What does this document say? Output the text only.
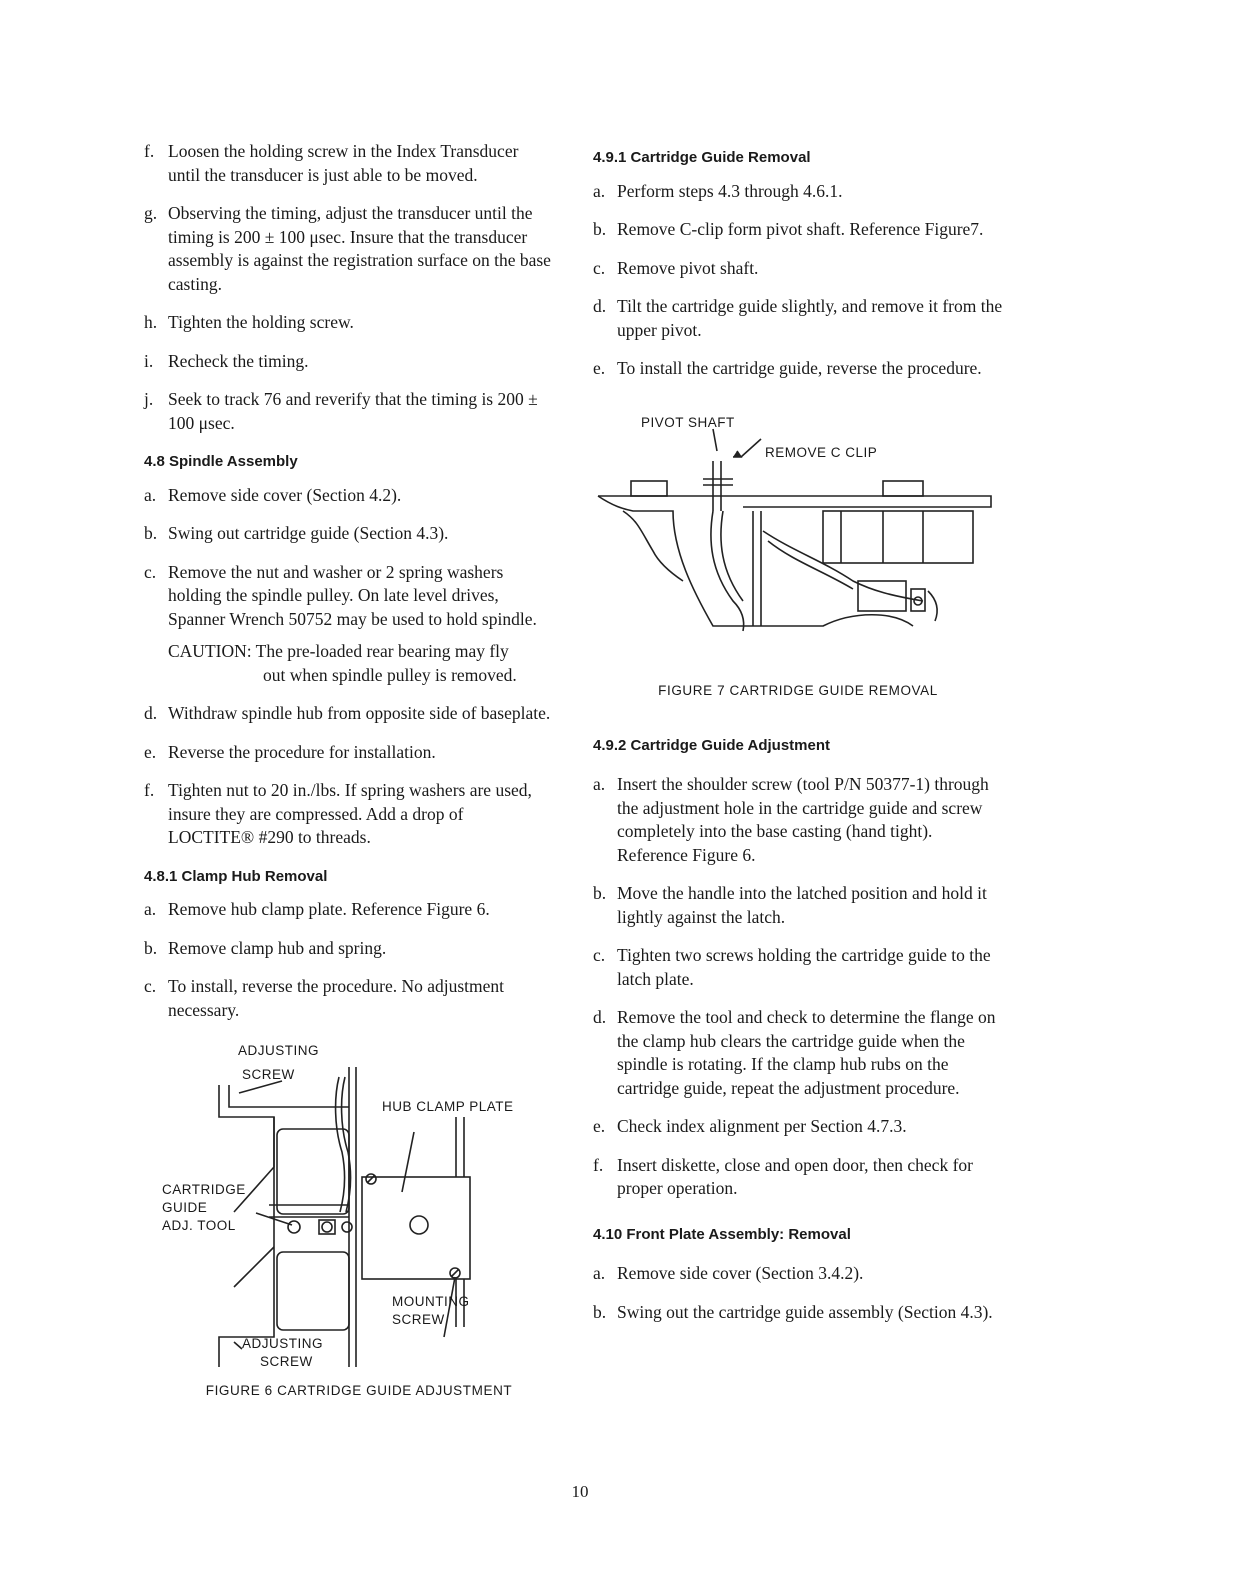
f. Loosen the holding screw in the Index Transducer until the transducer is just able to be moved.
g. Observing the timing, adjust the transducer until the timing is 200 ± 100 μsec. Insure that the transducer assembly is against the registration surface on the base casting.
h. Tighten the holding screw.
i. Recheck the timing.
j. Seek to track 76 and reverify that the timing is 200 ± 100 μsec.
4.8 Spindle Assembly
a. Remove side cover (Section 4.2).
b. Swing out cartridge guide (Section 4.3).
c. Remove the nut and washer or 2 spring washers holding the spindle pulley. On late level drives, Spanner Wrench 50752 may be used to hold spindle.
CAUTION: The pre-loaded rear bearing may fly
out when spindle pulley is removed.
d. Withdraw spindle hub from opposite side of baseplate.
e. Reverse the procedure for installation.
f. Tighten nut to 20 in./lbs. If spring washers are used, insure they are compressed. Add a drop of LOCTITE® #290 to threads.
4.8.1 Clamp Hub Removal
a. Remove hub clamp plate. Reference Figure 6.
b. Remove clamp hub and spring.
c. To install, reverse the procedure. No adjustment necessary.
ADJUSTING
SCREW
HUB CLAMP PLATE
CARTRIDGE
GUIDE
ADJ. TOOL
MOUNTING
SCREW
ADJUSTING
SCREW
FIGURE 6 CARTRIDGE GUIDE ADJUSTMENT
4.9.1 Cartridge Guide Removal
a. Perform steps 4.3 through 4.6.1.
b. Remove C-clip form pivot shaft. Reference Figure7.
c. Remove pivot shaft.
d. Tilt the cartridge guide slightly, and remove it from the upper pivot.
e. To install the cartridge guide, reverse the procedure.
PIVOT SHAFT
REMOVE C CLIP
FIGURE 7 CARTRIDGE GUIDE REMOVAL
4.9.2 Cartridge Guide Adjustment
a. Insert the shoulder screw (tool P/N 50377-1) through the adjustment hole in the cartridge guide and screw completely into the base casting (hand tight). Reference Figure 6.
b. Move the handle into the latched position and hold it lightly against the latch.
c. Tighten two screws holding the cartridge guide to the latch plate.
d. Remove the tool and check to determine the flange on the clamp hub clears the cartridge guide when the spindle is rotating. If the clamp hub rubs on the cartridge guide, repeat the adjustment procedure.
e. Check index alignment per Section 4.7.3.
f. Insert diskette, close and open door, then check for proper operation.
4.10 Front Plate Assembly: Removal
a. Remove side cover (Section 3.4.2).
b. Swing out the cartridge guide assembly (Section 4.3).
10
